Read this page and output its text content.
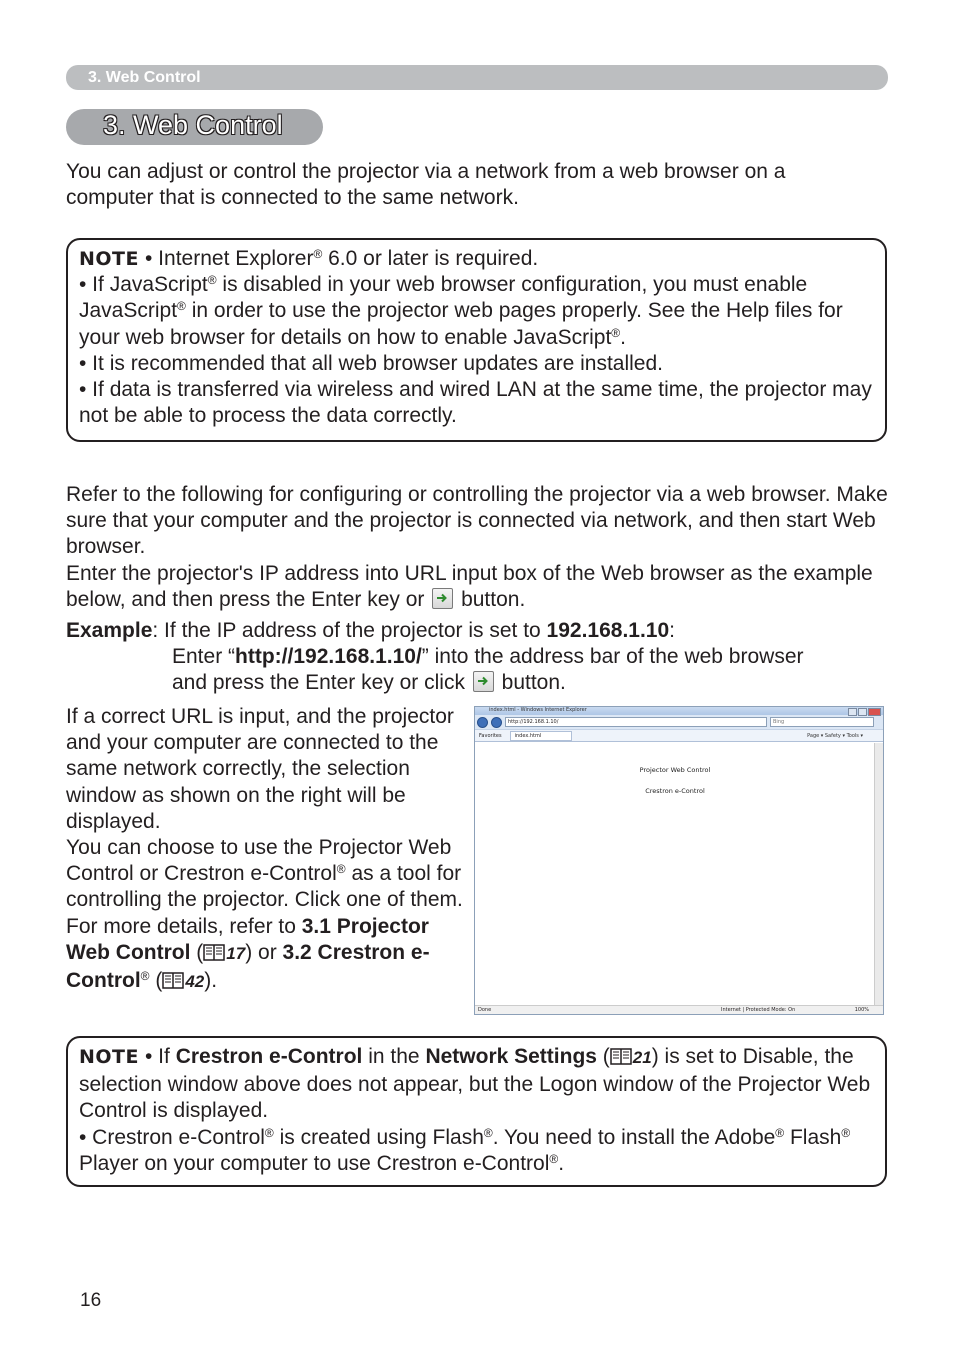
3. Web Control
3. Web Control

You can adjust or control the projector via a network from a web browser on a computer that is connected to the same network.

NOTE • Internet Explorer® 6.0 or later is required.
• If JavaScript® is disabled in your web browser configuration, you must enable JavaScript® in order to use the projector web pages properly. See the Help files for your web browser for details on how to enable JavaScript®.
• It is recommended that all web browser updates are installed.
• If data is transferred via wireless and wired LAN at the same time, the projector may not be able to process the data correctly.
Refer to the following for configuring or controlling the projector via a web browser. Make sure that your computer and the projector is connected via network, and then start Web browser.
Enter the projector's IP address into URL input box of the Web browser as the example below, and then press the Enter key or button.
Example: If the IP address of the projector is set to 192.168.1.10:
Enter “http://192.168.1.10/” into the address bar of the web browser
and press the Enter key or click button.
If a correct URL is input, and the projector and your computer are connected to the same network correctly, the selection window as shown on the right will be displayed.
You can choose to use the Projector Web Control or Crestron e-Control® as a tool for controlling the projector. Click one of them.
For more details, refer to 3.1 Projector Web Control ( 17) or 3.2 Crestron e-Control® ( 42).
index.html - Windows Internet Explorer
http://192.168.1.10/	Bing
Favorites	index.html	Page ▾ Safety ▾ Tools ▾
Projector Web Control
Crestron e-Control
Done	Internet | Protected Mode: On	100%
NOTE • If Crestron e-Control in the Network Settings ( 21) is set to Disable, the selection window above does not appear, but the Logon window of the Projector Web Control is displayed.
• Crestron e-Control® is created using Flash®. You need to install the Adobe® Flash® Player on your computer to use Crestron e-Control®.
16
